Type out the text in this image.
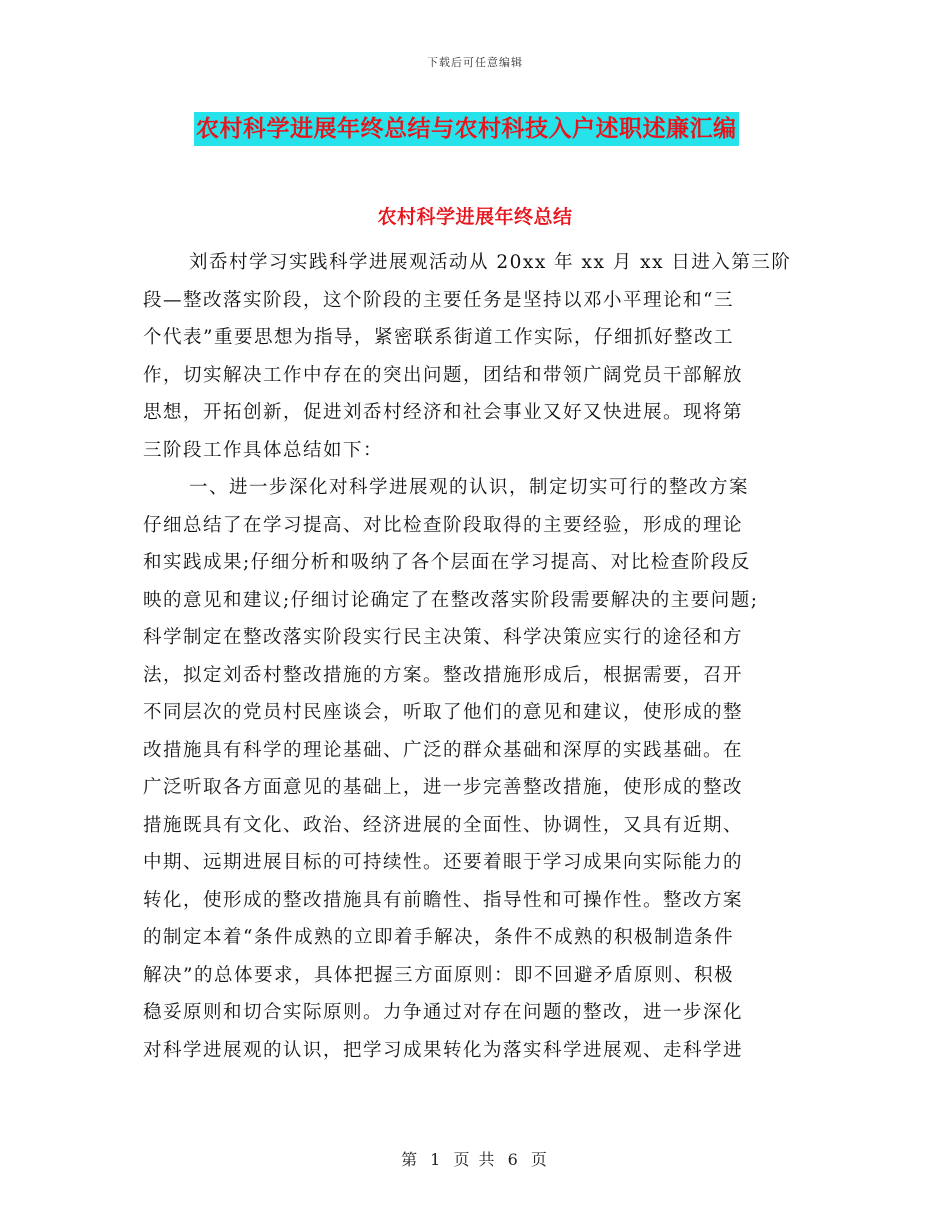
下载后可任意编辑
农村科学进展年终总结与农村科技入户述职述廉汇编
农村科学进展年终总结
刘岙村学习实践科学进展观活动从 20xx 年 xx 月 xx 日进入第三阶
段—整改落实阶段，这个阶段的主要任务是坚持以邓小平理论和“三
个代表”重要思想为指导，紧密联系街道工作实际，仔细抓好整改工
作，切实解决工作中存在的突出问题，团结和带领广阔党员干部解放
思想，开拓创新，促进刘岙村经济和社会事业又好又快进展。现将第
三阶段工作具体总结如下：
一、进一步深化对科学进展观的认识，制定切实可行的整改方案
仔细总结了在学习提高、对比检查阶段取得的主要经验，形成的理论
和实践成果;仔细分析和吸纳了各个层面在学习提高、对比检查阶段反
映的意见和建议;仔细讨论确定了在整改落实阶段需要解决的主要问题;
科学制定在整改落实阶段实行民主决策、科学决策应实行的途径和方
法，拟定刘岙村整改措施的方案。整改措施形成后，根据需要，召开
不同层次的党员村民座谈会，听取了他们的意见和建议，使形成的整
改措施具有科学的理论基础、广泛的群众基础和深厚的实践基础。在
广泛听取各方面意见的基础上，进一步完善整改措施，使形成的整改
措施既具有文化、政治、经济进展的全面性、协调性，又具有近期、
中期、远期进展目标的可持续性。还要着眼于学习成果向实际能力的
转化，使形成的整改措施具有前瞻性、指导性和可操作性。整改方案
的制定本着“条件成熟的立即着手解决，条件不成熟的积极制造条件
解决”的总体要求，具体把握三方面原则：即不回避矛盾原则、积极
稳妥原则和切合实际原则。力争通过对存在问题的整改，进一步深化
对科学进展观的认识，把学习成果转化为落实科学进展观、走科学进
第 1 页 共 6 页
